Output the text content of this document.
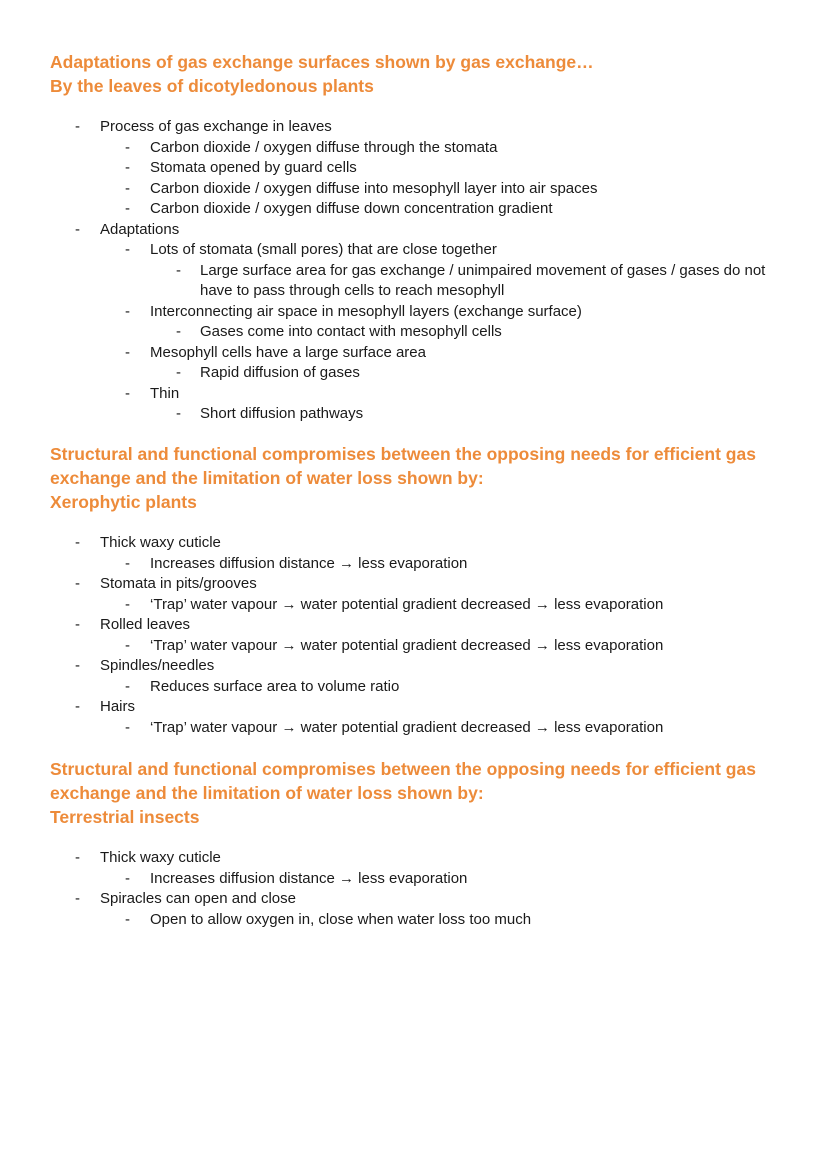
Adaptations of gas exchange surfaces shown by gas exchange…
By the leaves of dicotyledonous plants
- Process of gas exchange in leaves
- Carbon dioxide / oxygen diffuse through the stomata
- Stomata opened by guard cells
- Carbon dioxide / oxygen diffuse into mesophyll layer into air spaces
- Carbon dioxide / oxygen diffuse down concentration gradient
- Adaptations
- Lots of stomata (small pores) that are close together
- Large surface area for gas exchange / unimpaired movement of gases / gases do not have to pass through cells to reach mesophyll
- Interconnecting air space in mesophyll layers (exchange surface)
- Gases come into contact with mesophyll cells
- Mesophyll cells have a large surface area
- Rapid diffusion of gases
- Thin
- Short diffusion pathways
Structural and functional compromises between the opposing needs for efficient gas
exchange and the limitation of water loss shown by:
Xerophytic plants
- Thick waxy cuticle
- Increases diffusion distance → less evaporation
- Stomata in pits/grooves
- ‘Trap’ water vapour → water potential gradient decreased → less evaporation
- Rolled leaves
- ‘Trap’ water vapour → water potential gradient decreased → less evaporation
- Spindles/needles
- Reduces surface area to volume ratio
- Hairs
- ‘Trap’ water vapour → water potential gradient decreased → less evaporation
Structural and functional compromises between the opposing needs for efficient gas
exchange and the limitation of water loss shown by:
Terrestrial insects
- Thick waxy cuticle
- Increases diffusion distance → less evaporation
- Spiracles can open and close
- Open to allow oxygen in, close when water loss too much
